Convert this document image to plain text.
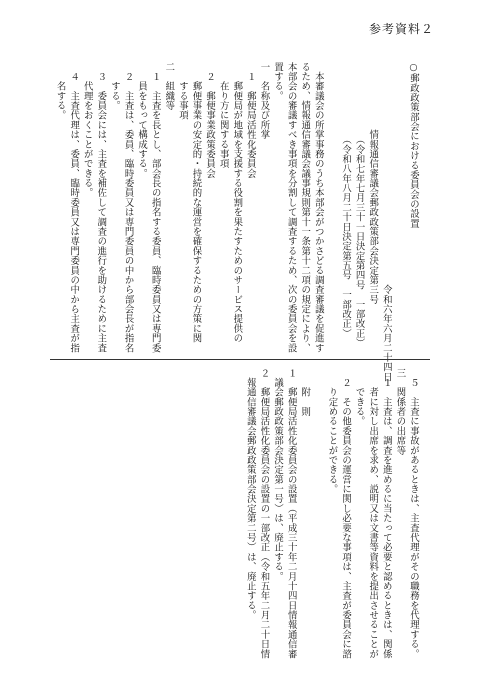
参考資料２
○郵政政策部会における委員会の設置

　　　　　　　　　　　　　　　　　　　　　　　令和六年六月二十四日
　　　　　　　情報通信審議会郵政政策部会決定第三号
　　　　　　　　（令和七年七月三十一日決定第四号　一部改正）
　　　　　　　　（令和八年八月二十日決定第五号　一部改正）

　本審議会の所掌事務のうち本部会がつかさどる調査審議を促進す
るため、情報通信審議会議事規則第十一条第十二項の規定により、
本部会の審議すべき事項を分割して調査するため、次の委員会を設
置する。
一　名称及び所掌
　１　郵便局活性化委員会
　　郵便局が地域を支援する役割を果たすためのサービス提供の
　　在り方に関する事項
　２　郵便事業政策委員会
　　郵便事業の安定的・持続的な運営を確保するための方策に関
　　する事項
二　組織等
　１　主査を長とし、部会長の指名する委員、臨時委員又は専門委
　　員をもって構成する。
　２　主査は、委員、臨時委員又は専門委員の中から部会長が指名
　　する。
　３　委員会には、主査を補佐して調査の進行を助けるために主査
　　代理をおくことができる。
　４　主査代理は、委員、臨時委員又は専門委員の中から主査が指
　　名する。
　５　主査に事故があるときは、主査代理がその職務を代理する。
三　関係者の出席等
　１　主査は、調査を進めるに当たって必要と認めるときは、関係
　　者に対し出席を求め、説明又は文書等資料を提出させることが
　　できる。
　２　その他委員会の運営に関し必要な事項は、主査が委員会に諮
　　り定めることができる。

　　附　則
１　郵便局活性化委員会の設置（平成三十年二月十四日情報通信審
　議会郵政政策部会決定第一号）は、廃止する。
２　郵便局活性化委員会の設置の一部改正（令和五年二月二十日情
　報通信審議会郵政政策部会決定第二号）は、廃止する。
